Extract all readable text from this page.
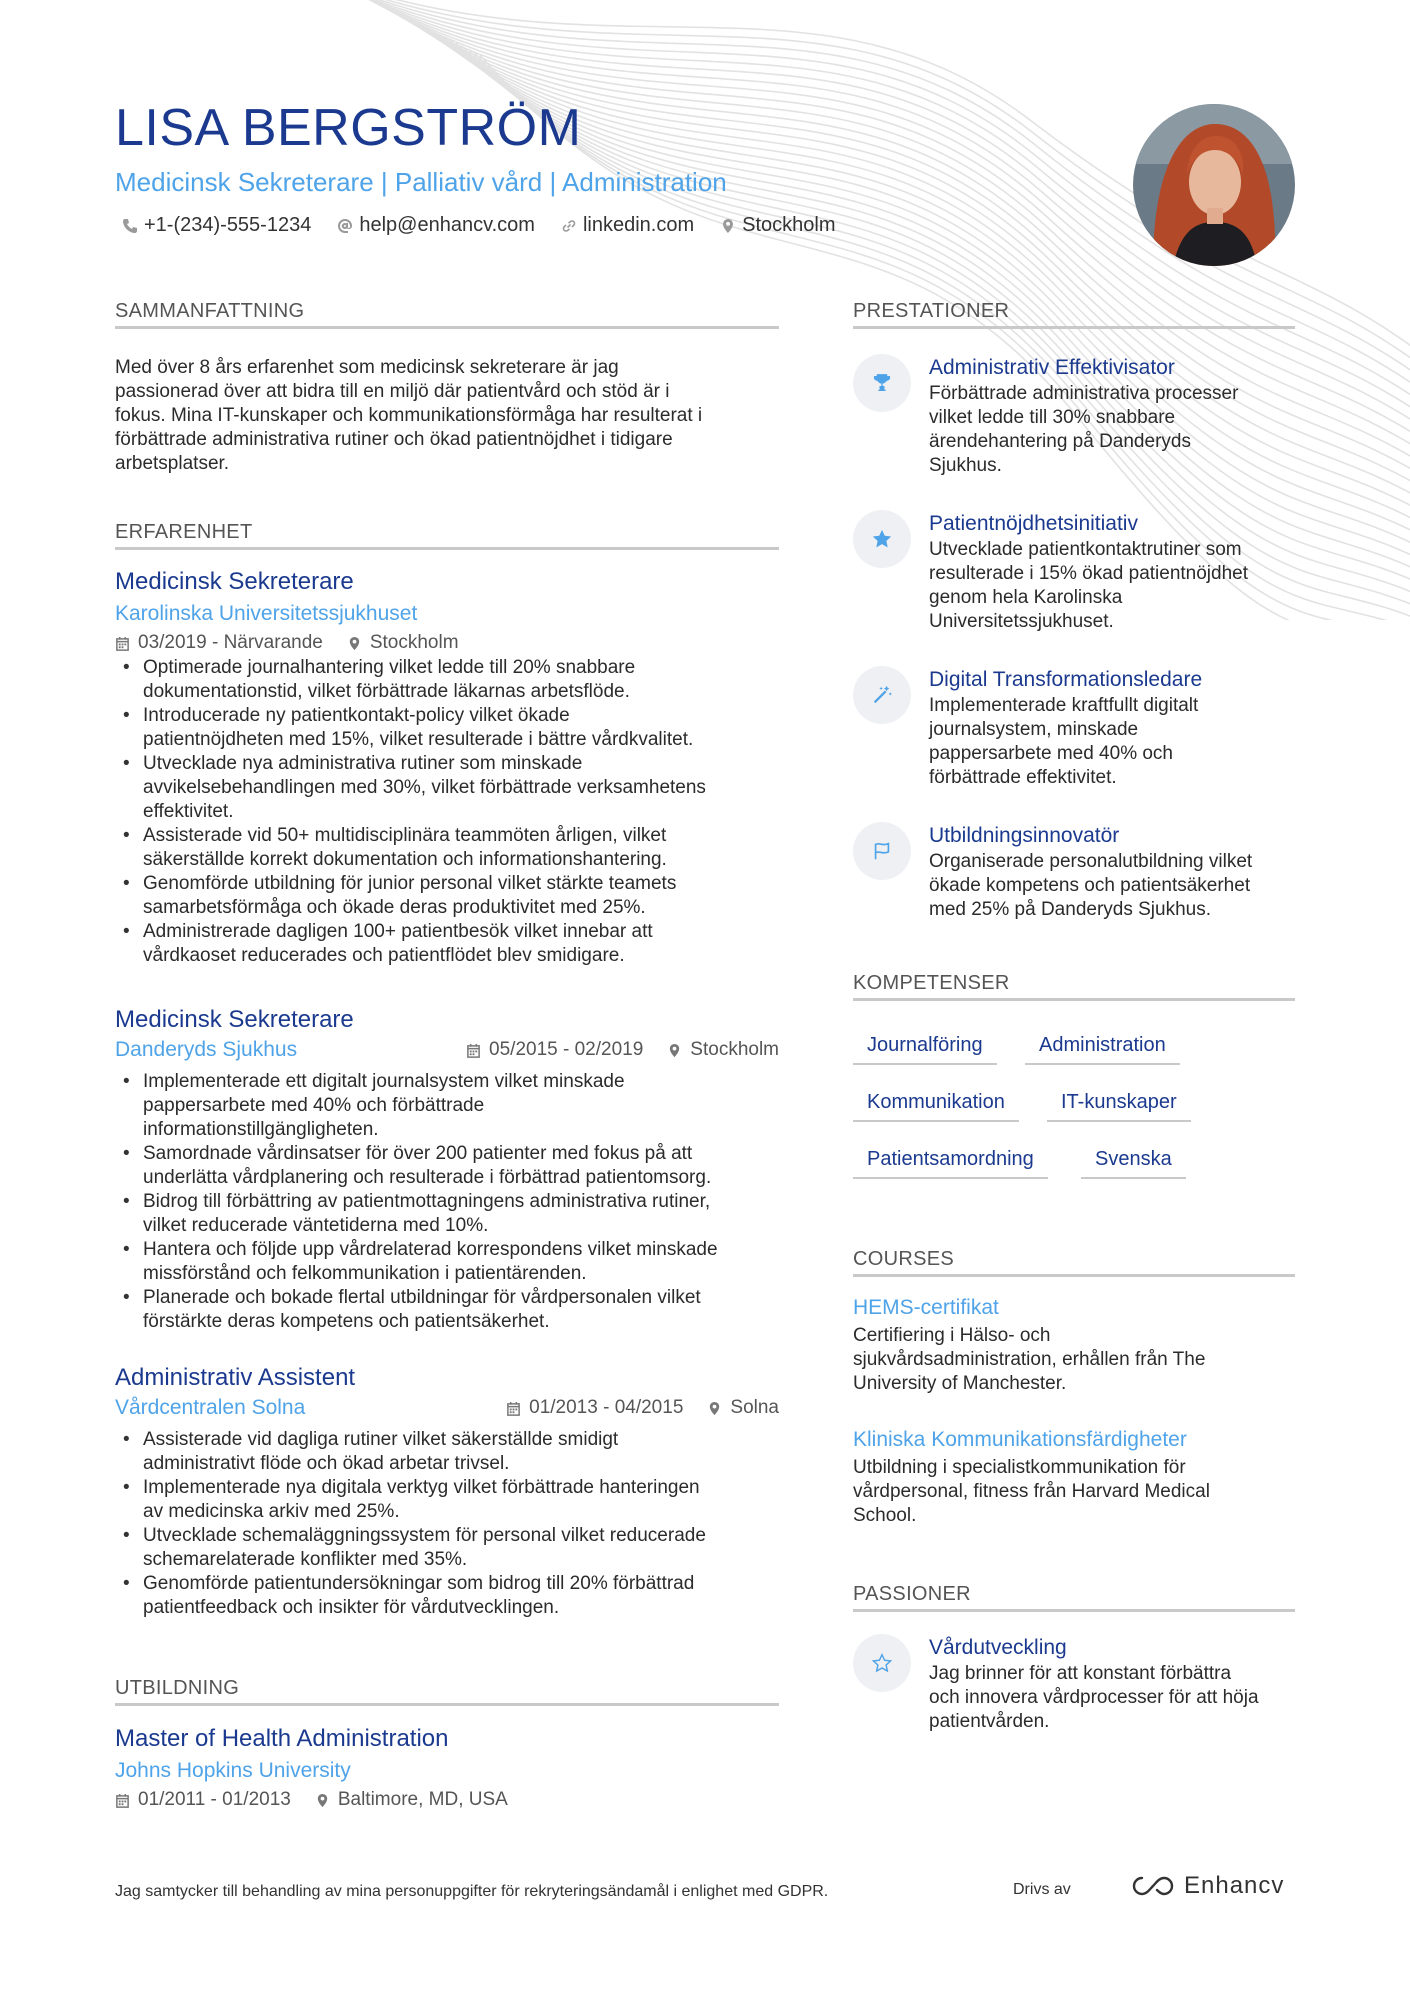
LISA BERGSTRÖM
Medicinsk Sekreterare | Palliativ vård | Administration
+1-(234)-555-1234 help@enhancv.com linkedin.com Stockholm
SAMMANFATTNING
Med över 8 års erfarenhet som medicinsk sekreterare är jag
passionerad över att bidra till en miljö där patientvård och stöd är i
fokus. Mina IT-kunskaper och kommunikationsförmåga har resulterat i
förbättrade administrativa rutiner och ökad patientnöjdhet i tidigare
arbetsplatser.
ERFARENHET
Medicinsk Sekreterare
Karolinska Universitetssjukhuset
03/2019 - Närvarande Stockholm
• Optimerade journalhantering vilket ledde till 20% snabbare
dokumentationstid, vilket förbättrade läkarnas arbetsflöde.
• Introducerade ny patientkontakt-policy vilket ökade
patientnöjdheten med 15%, vilket resulterade i bättre vårdkvalitet.
• Utvecklade nya administrativa rutiner som minskade
avvikelsebehandlingen med 30%, vilket förbättrade verksamhetens
effektivitet.
• Assisterade vid 50+ multidisciplinära teammöten årligen, vilket
säkerställde korrekt dokumentation och informationshantering.
• Genomförde utbildning för junior personal vilket stärkte teamets
samarbetsförmåga och ökade deras produktivitet med 25%.
• Administrerade dagligen 100+ patientbesök vilket innebar att
vårdkaoset reducerades och patientflödet blev smidigare.
Medicinsk Sekreterare
Danderyds Sjukhus	05/2015 - 02/2019 Stockholm
• Implementerade ett digitalt journalsystem vilket minskade
pappersarbete med 40% och förbättrade
informationstillgängligheten.
• Samordnade vårdinsatser för över 200 patienter med fokus på att
underlätta vårdplanering och resulterade i förbättrad patientomsorg.
• Bidrog till förbättring av patientmottagningens administrativa rutiner,
vilket reducerade väntetiderna med 10%.
• Hantera och följde upp vårdrelaterad korrespondens vilket minskade
missförstånd och felkommunikation i patientärenden.
• Planerade och bokade flertal utbildningar för vårdpersonalen vilket
förstärkte deras kompetens och patientsäkerhet.
Administrativ Assistent
Vårdcentralen Solna	01/2013 - 04/2015 Solna
• Assisterade vid dagliga rutiner vilket säkerställde smidigt
administrativt flöde och ökad arbetar trivsel.
• Implementerade nya digitala verktyg vilket förbättrade hanteringen
av medicinska arkiv med 25%.
• Utvecklade schemaläggningssystem för personal vilket reducerade
schemarelaterade konflikter med 35%.
• Genomförde patientundersökningar som bidrog till 20% förbättrad
patientfeedback och insikter för vårdutvecklingen.
UTBILDNING
Master of Health Administration
Johns Hopkins University
01/2011 - 01/2013 Baltimore, MD, USA
PRESTATIONER
Administrativ Effektivisator
Förbättrade administrativa processer
vilket ledde till 30% snabbare
ärendehantering på Danderyds
Sjukhus.
Patientnöjdhetsinitiativ
Utvecklade patientkontaktrutiner som
resulterade i 15% ökad patientnöjdhet
genom hela Karolinska
Universitetssjukhuset.
Digital Transformationsledare
Implementerade kraftfullt digitalt
journalsystem, minskade
pappersarbete med 40% och
förbättrade effektivitet.
Utbildningsinnovatör
Organiserade personalutbildning vilket
ökade kompetens och patientsäkerhet
med 25% på Danderyds Sjukhus.
KOMPETENSER
Journalföring	Administration
Kommunikation	IT-kunskaper
Patientsamordning	Svenska
COURSES
HEMS-certifikat
Certifiering i Hälso- och
sjukvårdsadministration, erhållen från The
University of Manchester.
Kliniska Kommunikationsfärdigheter
Utbildning i specialistkommunikation för
vårdpersonal, fitness från Harvard Medical
School.
PASSIONER
Vårdutveckling
Jag brinner för att konstant förbättra
och innovera vårdprocesser för att höja
patientvården.
Jag samtycker till behandling av mina personuppgifter för rekryteringsändamål i enlighet med GDPR.	Drivs av	Enhancv
